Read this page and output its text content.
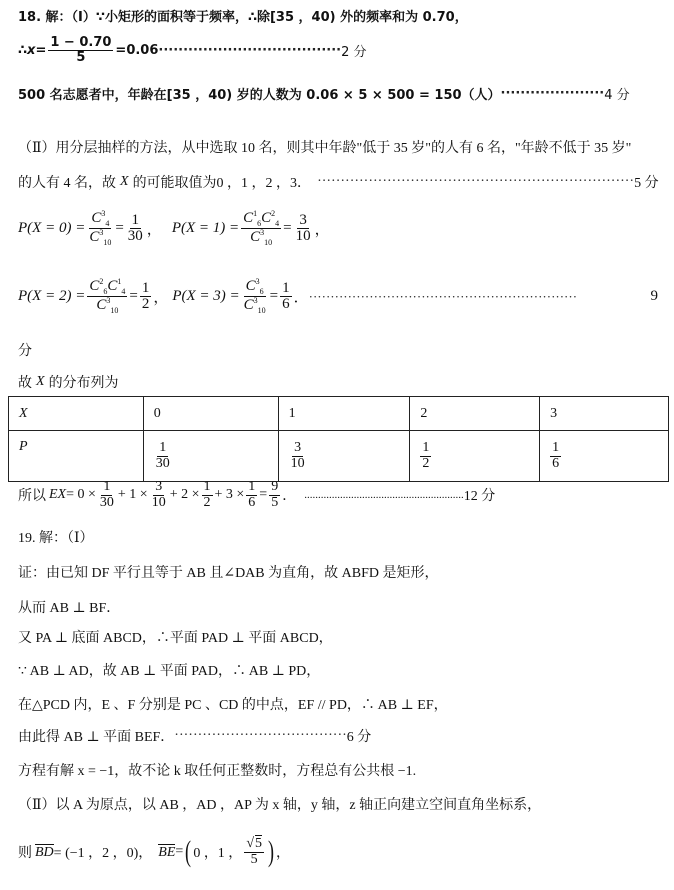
18. 解：（Ⅰ）∵小矩形的面积等于频率，∴除[35 ，40) 外的频率和为 0.70，
∴ $x = \frac{1 - 0.70}{5} =0.06$ ····································· 2 分
500 名志愿者中，年龄在[35 ，40) 岁的人数为 0.06 × 5 × 500 = 150（人） ····················· 4 分
（Ⅱ）用分层抽样的方法，从中选取 10 名，则其中年龄"低于 35 岁"的人有 6 名，"年龄不低于 35 岁"
的人有 4 名，故 X 的可能取值为0 ，1 ，2 ，3． ···································································· 5 分
$P(X = 0) = \frac{C^3_4}{C^3_{10}} = \frac{1}{30}$ ， $P(X = 1) = \frac{C^1_6C^2_4}{C^3_{10}} = \frac{3}{10}$ ，
$P(X = 2) = \frac{C^2_6C^1_4}{C^3_{10}} = \frac{1}{2}$ ， $P(X = 3) = \frac{C^3_6}{C^3_{10}} = \frac{1}{6}$ ． ······························································	9
分
故 X 的分布列为
X	0	1	2	3
P	$\frac{1}{30}$	$\frac{3}{10}$	$\frac{1}{2}$	$\frac{1}{6}$
所以 EX = $0 \times \frac{1}{30} + 1 \times \frac{3}{10} + 2 \times \frac{1}{2} + 3 \times \frac{1}{6} = \frac{9}{5}$ ． .......................................................... 12 分
19. 解：（Ⅰ）
证：由已知 DF 平行且等于 AB 且∠DAB 为直角，故 ABFD 是矩形，
从而 AB ⊥ BF．
又 PA ⊥ 底面 ABCD，∴平面 PAD ⊥ 平面 ABCD，
∵ AB ⊥ AD，故 AB ⊥ 平面 PAD，∴ AB ⊥ PD，
在△PCD 内，E 、F 分别是 PC 、CD 的中点，EF // PD，∴ AB ⊥ EF，
由此得 AB ⊥ 平面 BEF． ····································· 6 分
方程有解 x = −1，故不论 k 取任何正整数时，方程总有公共根 −1.
（Ⅱ）以 A 为原点，以 AB ，AD ，AP 为 x 轴，y 轴，z 轴正向建立空间直角坐标系，
则 BD = (−1 ，2 ，0)， BE = ( 0 ，1 ， $\frac{√5}{5}$ ) ，
